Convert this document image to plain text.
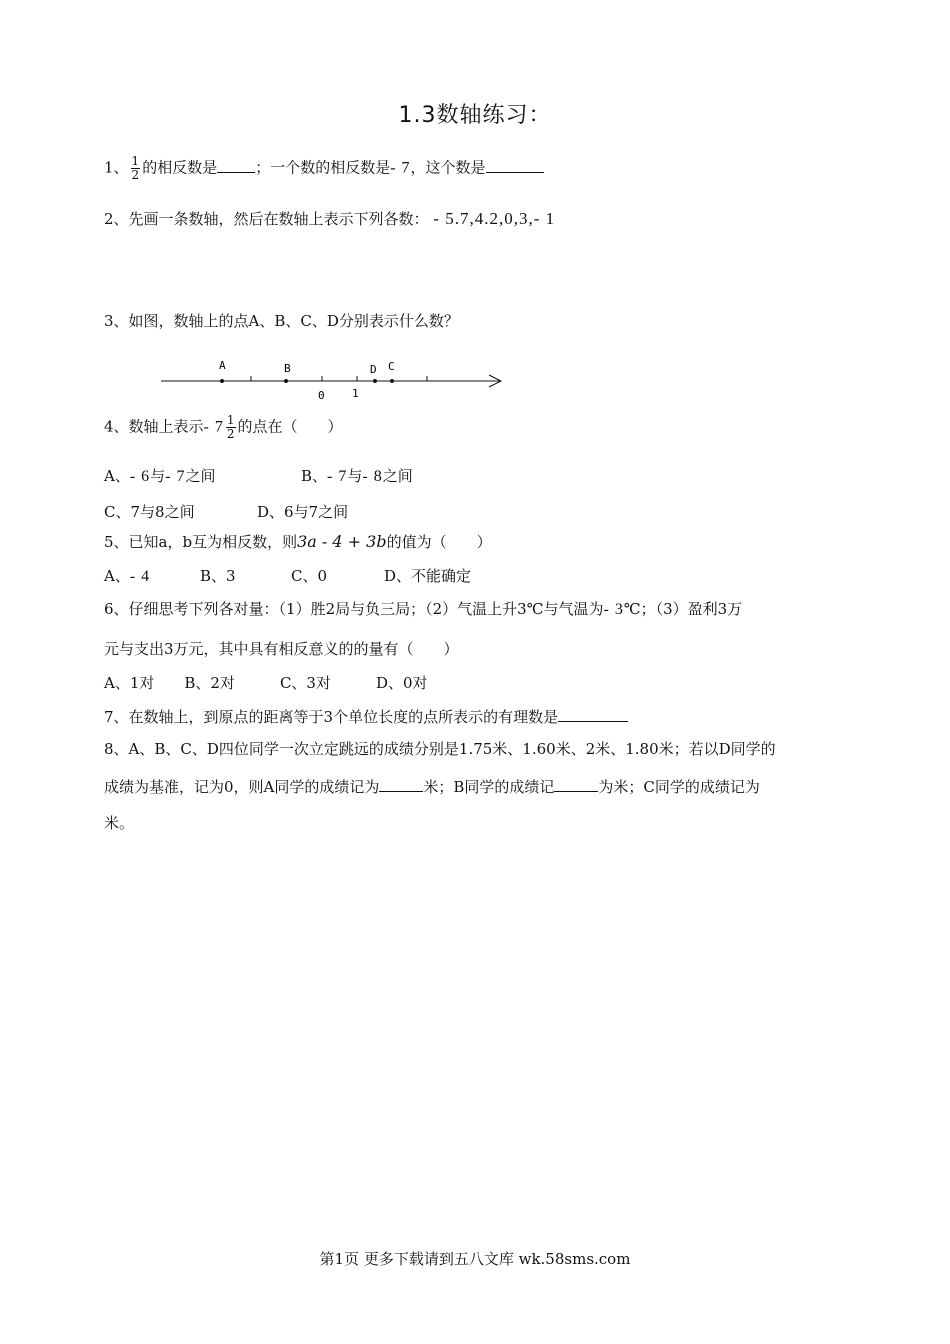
1.3数轴练习：
1、 $\frac{1}{2}$ 的相反数是	；一个数的相反数是- 7，这个数是
2、先画一条数轴，然后在数轴上表示下列各数： - 5.7,4.2,0,3,- 1
3、如图，数轴上的点A、B、C、D分别表示什么数？
A	B	D C
0 1
4、数轴上表示- $7 \frac{1}{2}$ 的点在（　　）
A、- 6与- 7之间	B、- 7与- 8之间
C、7与8之间	D、6与7之间
5、已知a，b互为相反数，则3a - 4 + 3b的值为（　　）
A、- 4	B、3	C、0	D、不能确定
6、仔细思考下列各对量：（1）胜2局与负三局；（2）气温上升3℃与气温为- 3℃；（3）盈利3万
元与支出3万元，其中具有相反意义的的量有（　　）
A、1对　　B、2对　　　C、3对　　　D、0对
7、在数轴上，到原点的距离等于3个单位长度的点所表示的有理数是
8、A、B、C、D四位同学一次立定跳远的成绩分别是1.75米、1.60米、2米、1.80米；若以D同学的
成绩为基准，记为0，则A同学的成绩记为	米；B同学的成绩记	为米；C同学的成绩记为
米。
第1页 更多下载请到五八文库 wk.58sms.com
